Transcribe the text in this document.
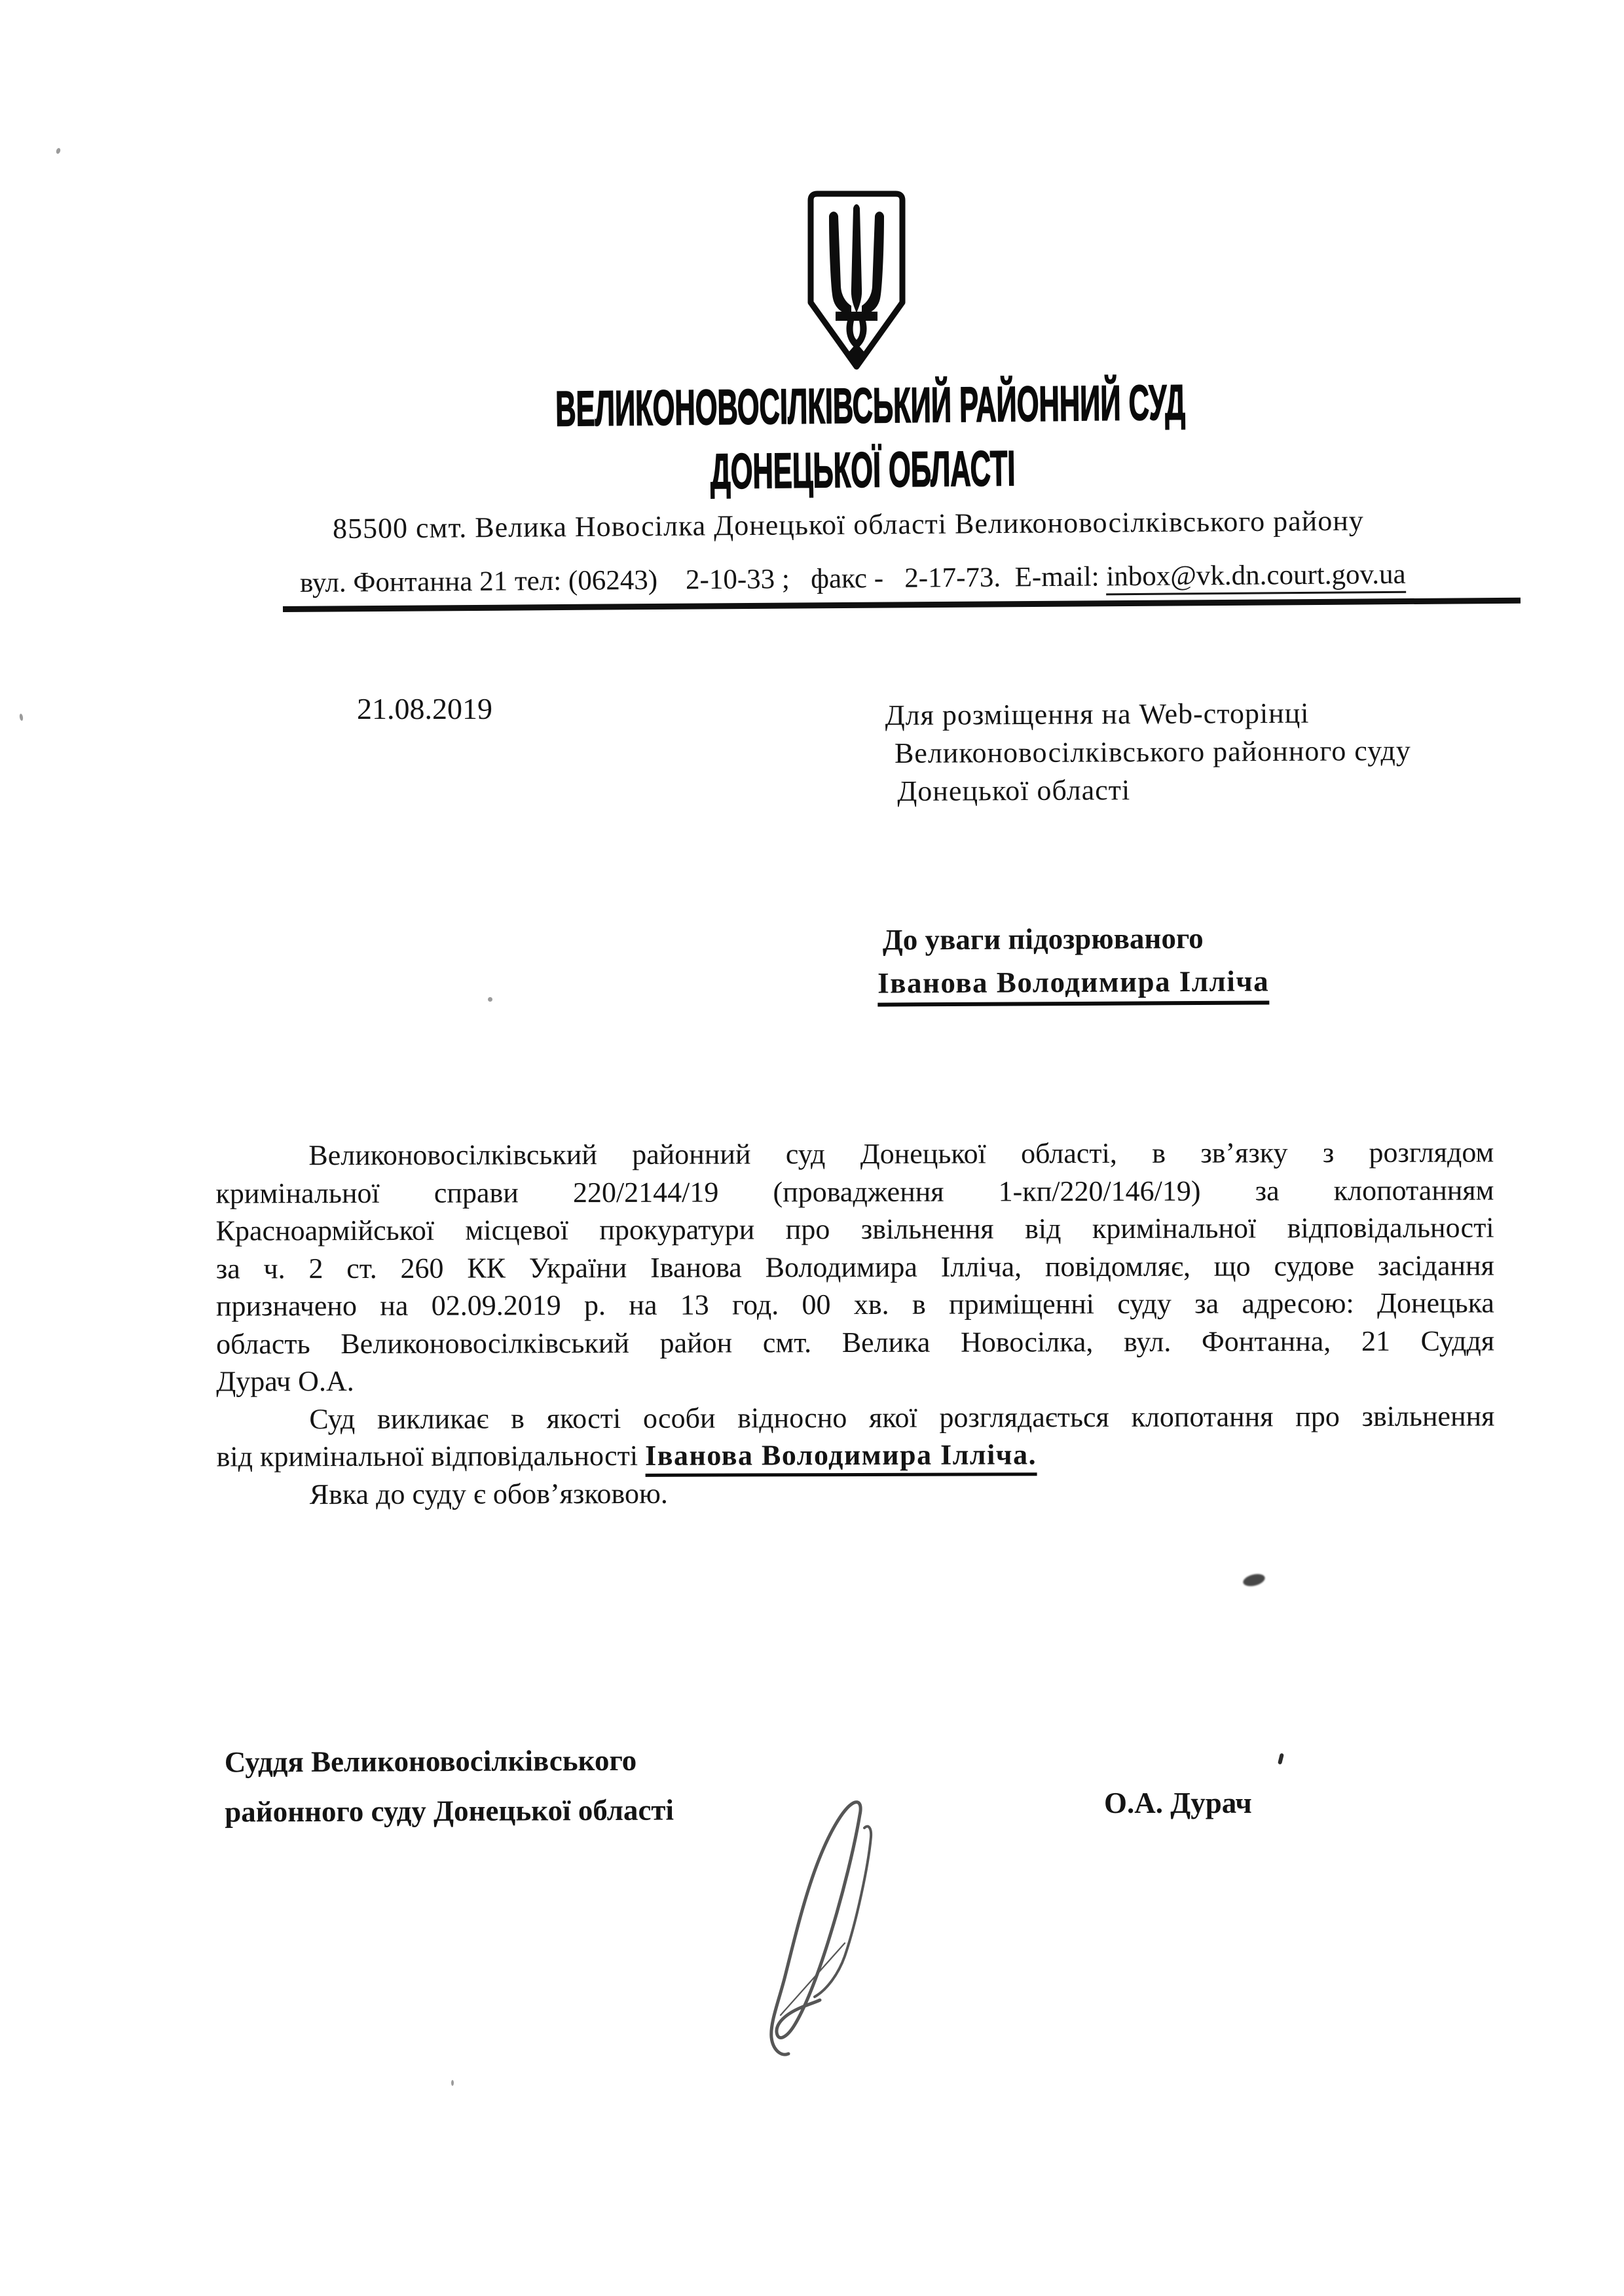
ВЕЛИКОНОВОСІЛКІВСЬКИЙ РАЙОННИЙ СУД
ДОНЕЦЬКОЇ ОБЛАСТІ
85500 смт. Велика Новосілка Донецької області Великоновосілківського району
вул. Фонтанна 21 тел: (06243)    2-10-33 ;   факс -   2-17-73.  E-mail: inbox@vk.dn.court.gov.ua
21.08.2019	Для розміщення на Web-сторінці
Великоновосілківського районного суду
Донецької області
До уваги підозрюваного
Іванова Володимира Ілліча
Великоновосілківський районний суд Донецької області, в зв’язку з розглядом
кримінальної справи 220/2144/19 (провадження 1-кп/220/146/19) за клопотанням
Красноармійської місцевої прокуратури про звільнення від кримінальної відповідальності
за ч. 2 ст. 260 КК України Іванова Володимира Ілліча, повідомляє, що судове засідання
призначено на 02.09.2019 р. на 13 год. 00 хв. в приміщенні суду за адресою: Донецька
область Великоновосілківський район смт. Велика Новосілка, вул. Фонтанна, 21 Суддя
Дурач О.А.
Суд викликає в якості особи відносно якої розглядається клопотання про звільнення
від кримінальної відповідальності Іванова Володимира Ілліча.
Явка до суду є обов’язковою.
Суддя Великоновосілківського
районного суду Донецької області	О.А. Дурач
